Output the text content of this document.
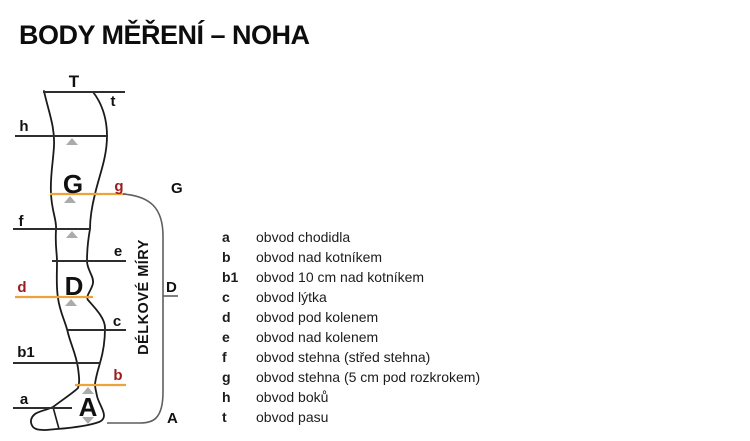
BODY MĚŘENÍ – NOHA
T
t
h
G g
f
e
d D
c
b1
b
a A
G
D
A
DÉLKOVÉ MÍRY
a	obvod chodidla
b	obvod nad kotníkem
b1	obvod 10 cm nad kotníkem
c	obvod lýtka
d	obvod pod kolenem
e	obvod nad kolenem
f	obvod stehna (střed stehna)
g	obvod stehna (5 cm pod rozkrokem)
h	obvod boků
t	obvod pasu
